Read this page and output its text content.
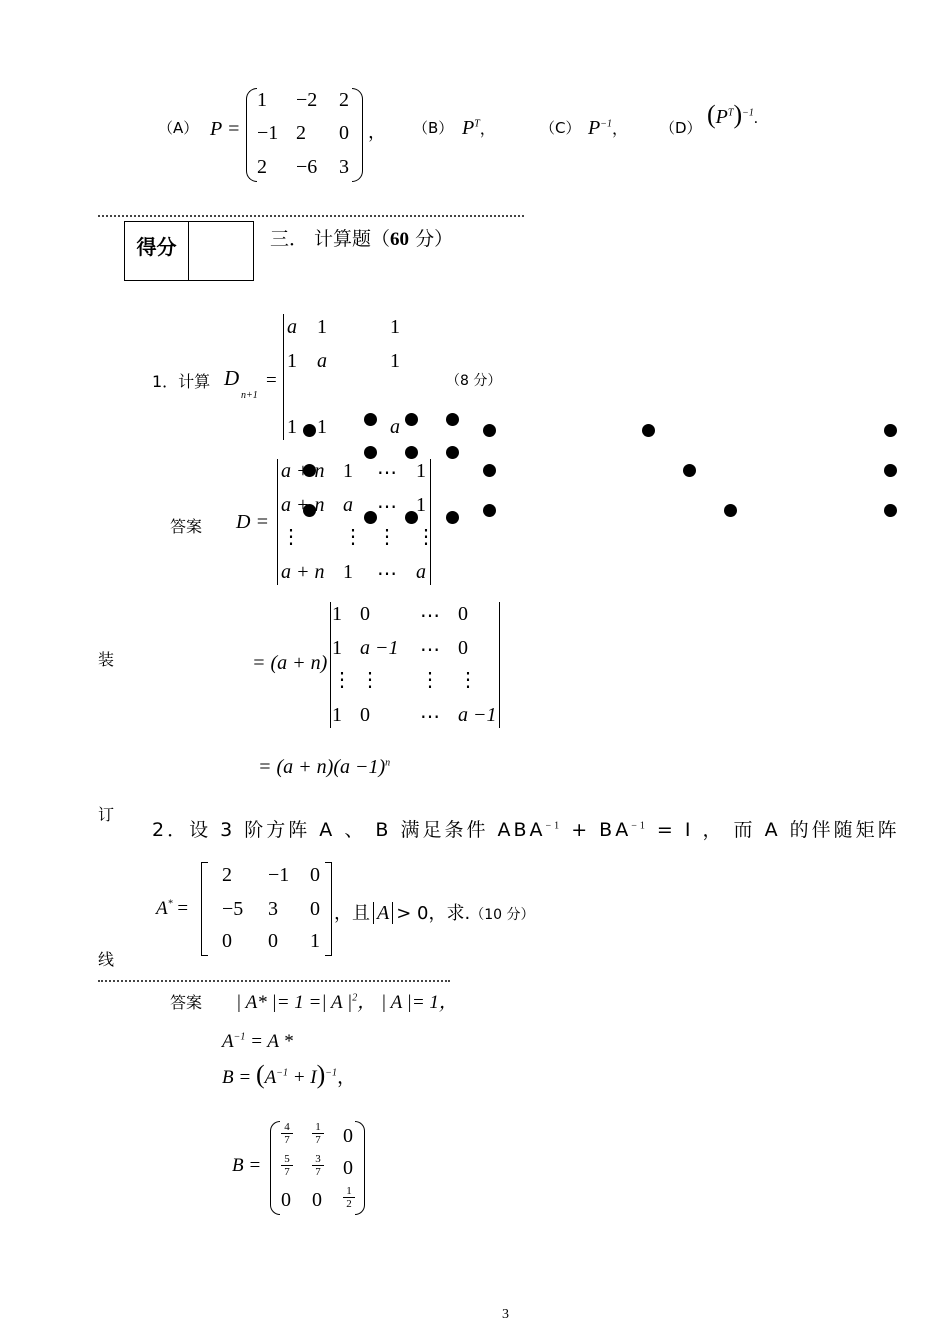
（A） P =
1 −2 2
−1 2 0
2 −6 3
， （B） $P^T$，	（C） $P^{-1}$， （D） $(P^T)^{-1}$.
得分	三． 计算题（60 分）
1．计算 D
n+1
=
a 1	1
1 a	1
1 1	a
（8 分）
答案 D =
a + n 1 ⋯ 1
a + n a ⋯ 1
⋮ ⋮ ⋮ ⋮
a + n 1 ⋯ a
= (a + n)
1 0	⋯ 0
1 a −1 ⋯ 0
⋮ ⋮ ⋮ ⋮
1 0	⋯ a −1
= $(a + n)(a -1)^n$
装
订
线
2．设 3 阶方阵 A 、 B 满足条件 $ABA^{-1} + BA^{-1} = I$ ， 而 A 的伴随矩阵
A* =
2 −1 0
−5 3 0
0 0 1
，且 A > 0，求.（10 分）
答案 | A* |= 1 =| A $|^2$， | A |= 1，
$A^{-1} = A$ *
$B = (A^{-1} + I)^{-1}$，
B =
$\frac{4}{7} \frac{1}{7} 0$
$\frac{5}{7} \frac{3}{7} 0$
0 $0 \frac{1}{2}$
3
